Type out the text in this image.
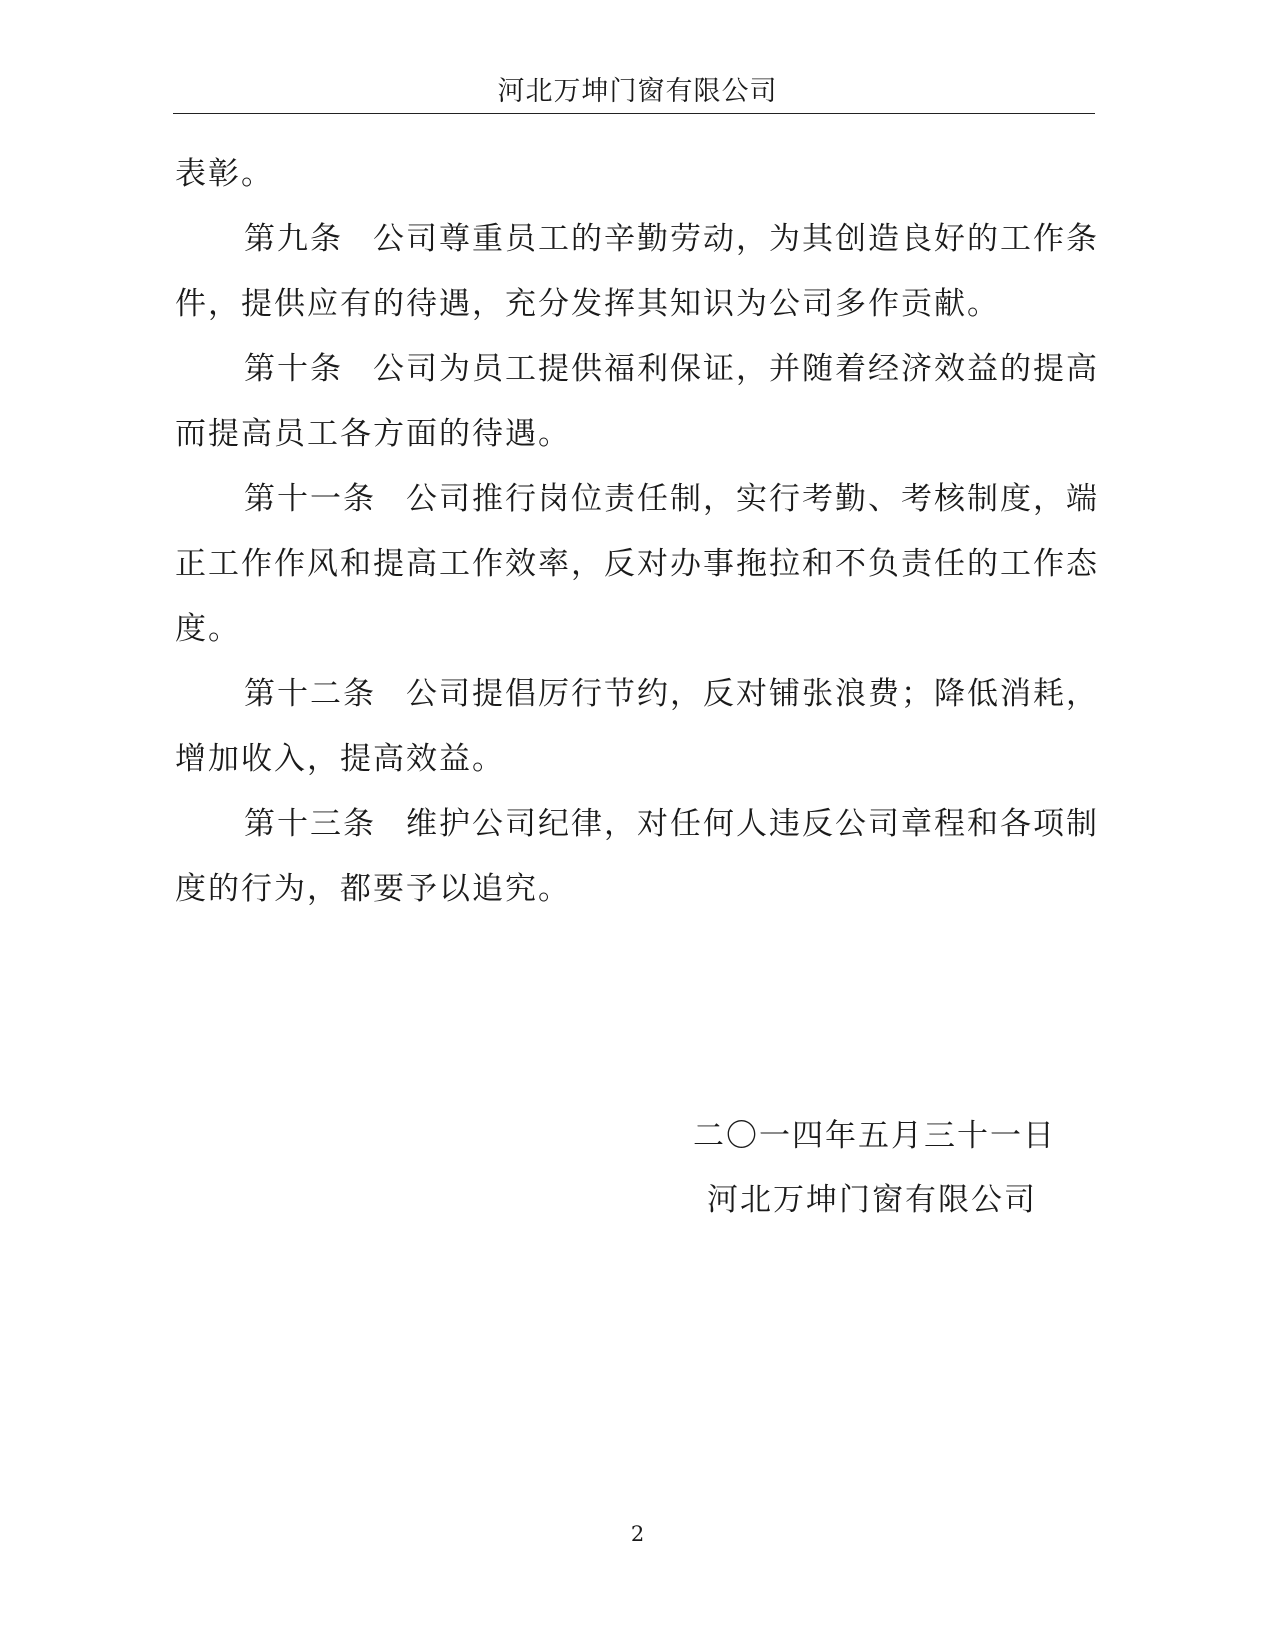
河北万坤门窗有限公司

表彰。

第九条 公司尊重员工的辛勤劳动，为其创造良好的工作条件，提供应有的待遇，充分发挥其知识为公司多作贡献。

第十条 公司为员工提供福利保证，并随着经济效益的提高而提高员工各方面的待遇。

第十一条 公司推行岗位责任制，实行考勤、考核制度，端正工作作风和提高工作效率，反对办事拖拉和不负责任的工作态度。

第十二条 公司提倡厉行节约，反对铺张浪费；降低消耗，增加收入，提高效益。

第十三条 维护公司纪律，对任何人违反公司章程和各项制度的行为，都要予以追究。

二〇一四年五月三十一日
河北万坤门窗有限公司
2
